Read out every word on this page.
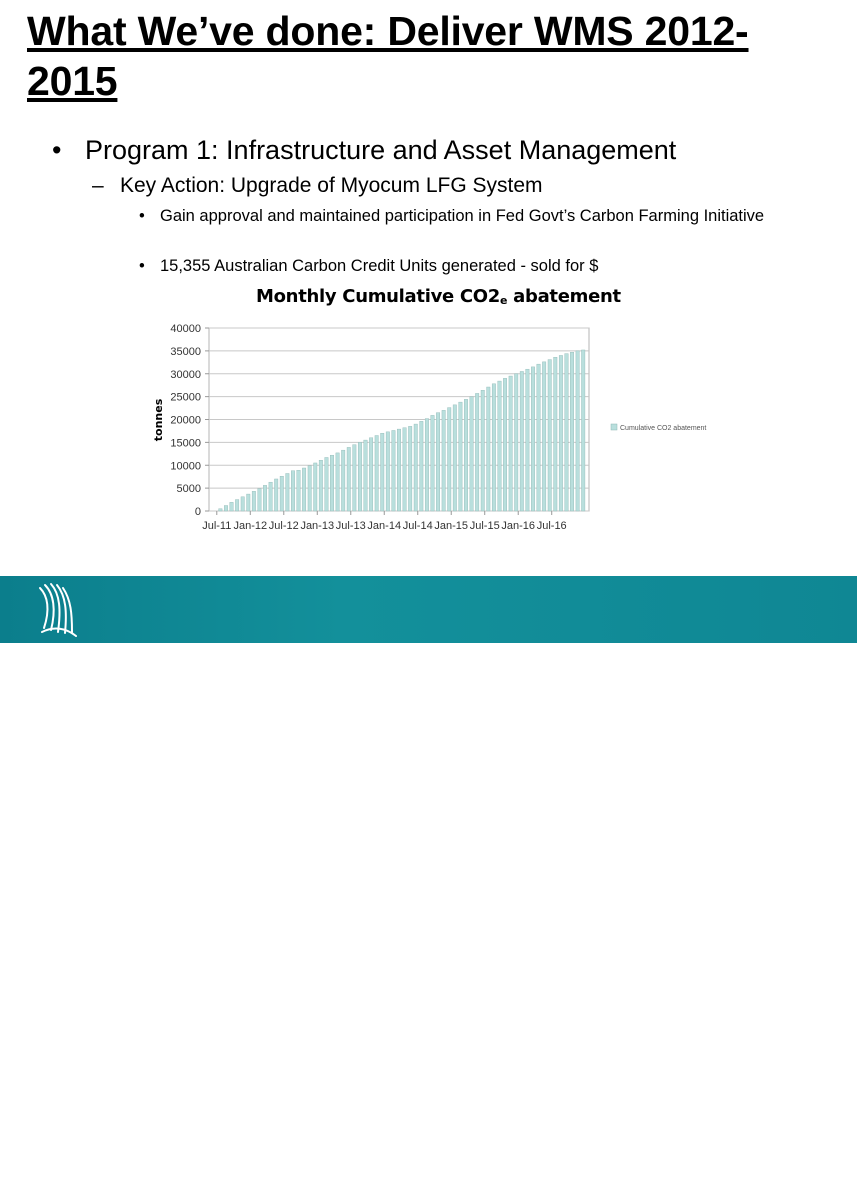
What We’ve done: Deliver WMS 2012-2015
• Program 1: Infrastructure and Asset Management
– Key Action: Upgrade of Myocum LFG System
• Gain approval and maintained participation in Fed Govt’s Carbon Farming Initiative
• 15,355 Australian Carbon Credit Units generated - sold for $
Monthly Cumulative $CO2_e$ abatement
0
5000
10000
15000
20000
25000
30000
35000
40000
Jul-11 Jan-12 Jul-12 Jan-13 Jul-13 Jan-14 Jul-14 Jan-15 Jul-15 Jan-16 Jul-16
tonnes	Cumulative CO2 abatement
Byron Shire Council	www.byron.nsw.gov.au
